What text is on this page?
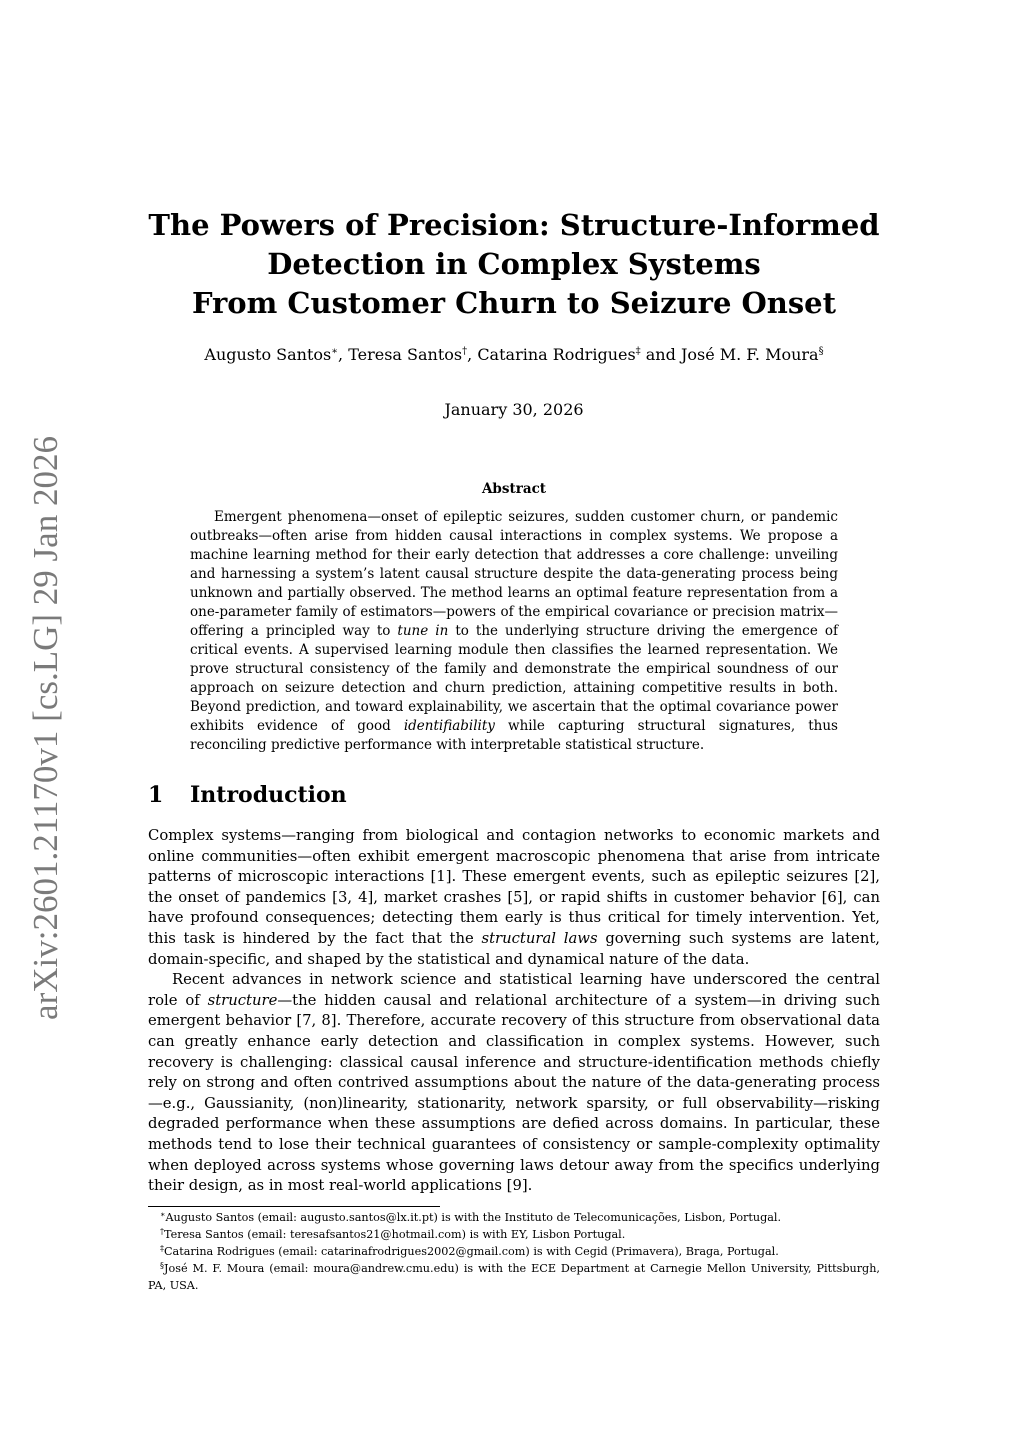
arXiv:2601.21170v1 [cs.LG] 29 Jan 2026
The Powers of Precision: Structure-Informed
Detection in Complex Systems
From Customer Churn to Seizure Onset
Augusto Santos∗, Teresa Santos†, Catarina Rodrigues‡ and José M. F. Moura§
January 30, 2026
Abstract

Emergent phenomena—onset of epileptic seizures, sudden customer churn, or pandemic outbreaks—often arise from hidden causal interactions in complex systems. We propose a machine learning method for their early detection that addresses a core challenge: unveiling and harnessing a system’s latent causal structure despite the data-generating process being unknown and partially observed. The method learns an optimal feature representation from a one-parameter family of estimators—powers of the empirical covariance or precision matrix—offering a principled way to tune in to the underlying structure driving the emergence of critical events. A supervised learning module then classifies the learned representation. We prove structural consistency of the family and demonstrate the empirical soundness of our approach on seizure detection and churn prediction, attaining competitive results in both. Beyond prediction, and toward explainability, we ascertain that the optimal covariance power exhibits evidence of good identifiability while capturing structural signatures, thus reconciling predictive performance with interpretable statistical structure.

1 Introduction

Complex systems—ranging from biological and contagion networks to economic markets and online communities—often exhibit emergent macroscopic phenomena that arise from intricate patterns of microscopic interactions [1]. These emergent events, such as epileptic seizures [2], the onset of pandemics [3, 4], market crashes [5], or rapid shifts in customer behavior [6], can have profound consequences; detecting them early is thus critical for timely intervention. Yet, this task is hindered by the fact that the structural laws governing such systems are latent, domain-specific, and shaped by the statistical and dynamical nature of the data.

Recent advances in network science and statistical learning have underscored the central role of structure—the hidden causal and relational architecture of a system—in driving such emergent behavior [7, 8]. Therefore, accurate recovery of this structure from observational data can greatly enhance early detection and classification in complex systems. However, such recovery is challenging: classical causal inference and structure-identification methods chiefly rely on strong and often contrived assumptions about the nature of the data-generating process—e.g., Gaussianity, (non)linearity, stationarity, network sparsity, or full observability—risking degraded performance when these assumptions are defied across domains. In particular, these methods tend to lose their technical guarantees of consistency or sample-complexity optimality when deployed across systems whose governing laws detour away from the specifics underlying their design, as in most real-world applications [9].

∗Augusto Santos (email: augusto.santos@lx.it.pt) is with the Instituto de Telecomunicações, Lisbon, Portugal.

†Teresa Santos (email: teresafsantos21@hotmail.com) is with EY, Lisbon Portugal.

‡Catarina Rodrigues (email: catarinafrodrigues2002@gmail.com) is with Cegid (Primavera), Braga, Portugal.

§José M. F. Moura (email: moura@andrew.cmu.edu) is with the ECE Department at Carnegie Mellon University, Pittsburgh, PA, USA.
